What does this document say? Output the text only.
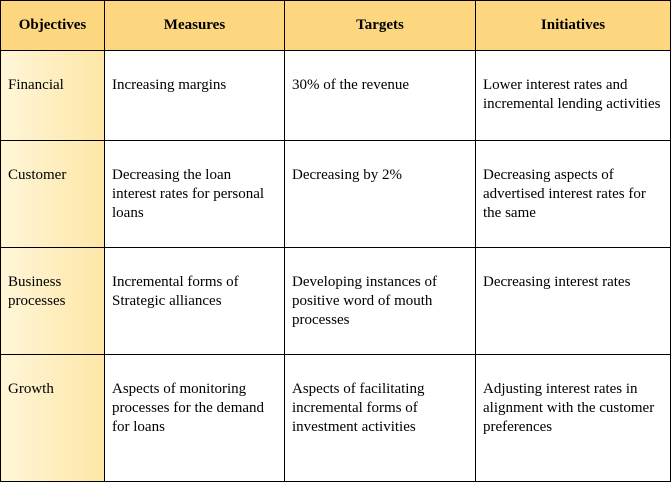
Objectives	Measures	Targets	Initiatives
Financial	Increasing margins	30% of the revenue	Lower interest rates and incremental lending activities
Customer	Decreasing the loan interest rates for personal loans	Decreasing by 2%	Decreasing aspects of advertised interest rates for the same
Business processes	Incremental forms of Strategic alliances	Developing instances of positive word of mouth processes	Decreasing interest rates
Growth	Aspects of monitoring processes for the demand for loans	Aspects of facilitating incremental forms of investment activities	Adjusting interest rates in alignment with the customer preferences
